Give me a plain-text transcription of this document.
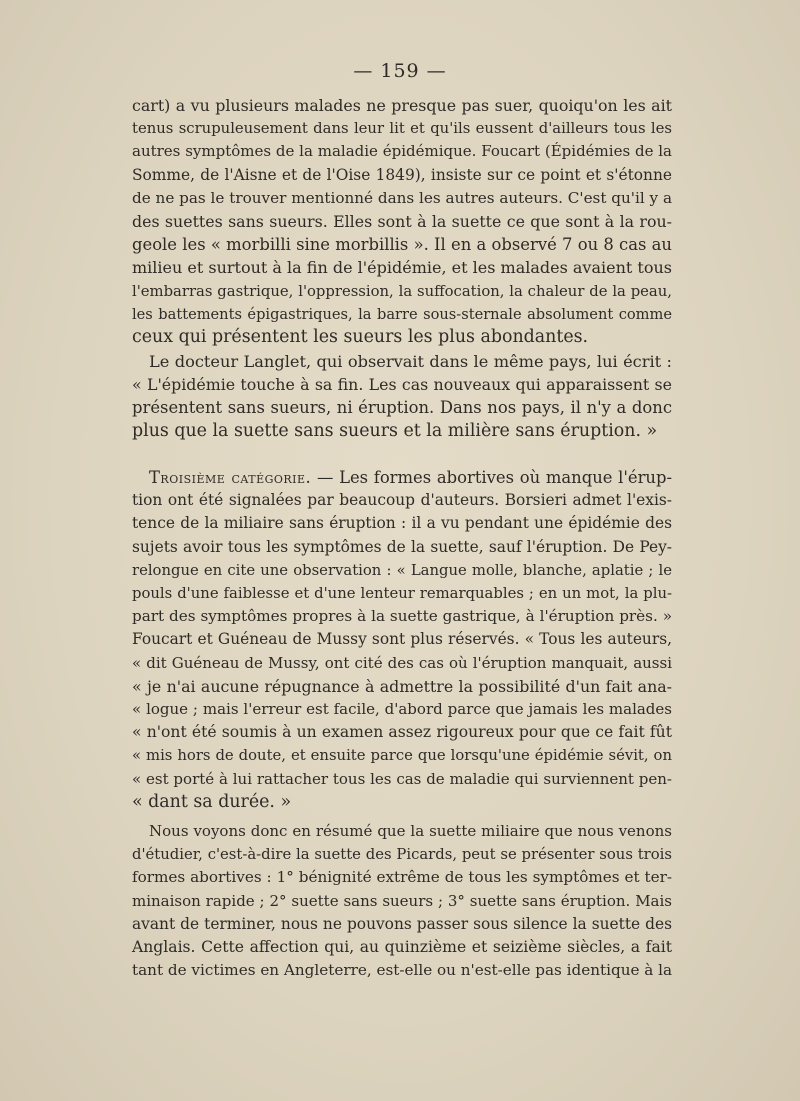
— 159 —
cart) a vu plusieurs malades ne presque pas suer, quoiqu'on les ait
tenus scrupuleusement dans leur lit et qu'ils eussent d'ailleurs tous les
autres symptômes de la maladie épidémique. Foucart (Épidémies de la
Somme, de l'Aisne et de l'Oise 1849), insiste sur ce point et s'étonne
de ne pas le trouver mentionné dans les autres auteurs. C'est qu'il y a
des suettes sans sueurs. Elles sont à la suette ce que sont à la rou-
geole les « morbilli sine morbillis ». Il en a observé 7 ou 8 cas au
milieu et surtout à la fin de l'épidémie, et les malades avaient tous
l'embarras gastrique, l'oppression, la suffocation, la chaleur de la peau,
les battements épigastriques, la barre sous-sternale absolument comme
ceux qui présentent les sueurs les plus abondantes.
Le docteur Langlet, qui observait dans le même pays, lui écrit :
« L'épidémie touche à sa fin. Les cas nouveaux qui apparaissent se
présentent sans sueurs, ni éruption. Dans nos pays, il n'y a donc
plus que la suette sans sueurs et la milière sans éruption. »
Troisième catégorie. — Les formes abortives où manque l'érup-
tion ont été signalées par beaucoup d'auteurs. Borsieri admet l'exis-
tence de la miliaire sans éruption : il a vu pendant une épidémie des
sujets avoir tous les symptômes de la suette, sauf l'éruption. De Pey-
relongue en cite une observation : « Langue molle, blanche, aplatie ; le
pouls d'une faiblesse et d'une lenteur remarquables ; en un mot, la plu-
part des symptômes propres à la suette gastrique, à l'éruption près. »
Foucart et Guéneau de Mussy sont plus réservés. « Tous les auteurs,
« dit Guéneau de Mussy, ont cité des cas où l'éruption manquait, aussi
« je n'ai aucune répugnance à admettre la possibilité d'un fait ana-
« logue ; mais l'erreur est facile, d'abord parce que jamais les malades
« n'ont été soumis à un examen assez rigoureux pour que ce fait fût
« mis hors de doute, et ensuite parce que lorsqu'une épidémie sévit, on
« est porté à lui rattacher tous les cas de maladie qui surviennent pen-
« dant sa durée. »
Nous voyons donc en résumé que la suette miliaire que nous venons
d'étudier, c'est-à-dire la suette des Picards, peut se présenter sous trois
formes abortives : 1° bénignité extrême de tous les symptômes et ter-
minaison rapide ; 2° suette sans sueurs ; 3° suette sans éruption. Mais
avant de terminer, nous ne pouvons passer sous silence la suette des
Anglais. Cette affection qui, au quinzième et seizième siècles, a fait
tant de victimes en Angleterre, est-elle ou n'est-elle pas identique à la
